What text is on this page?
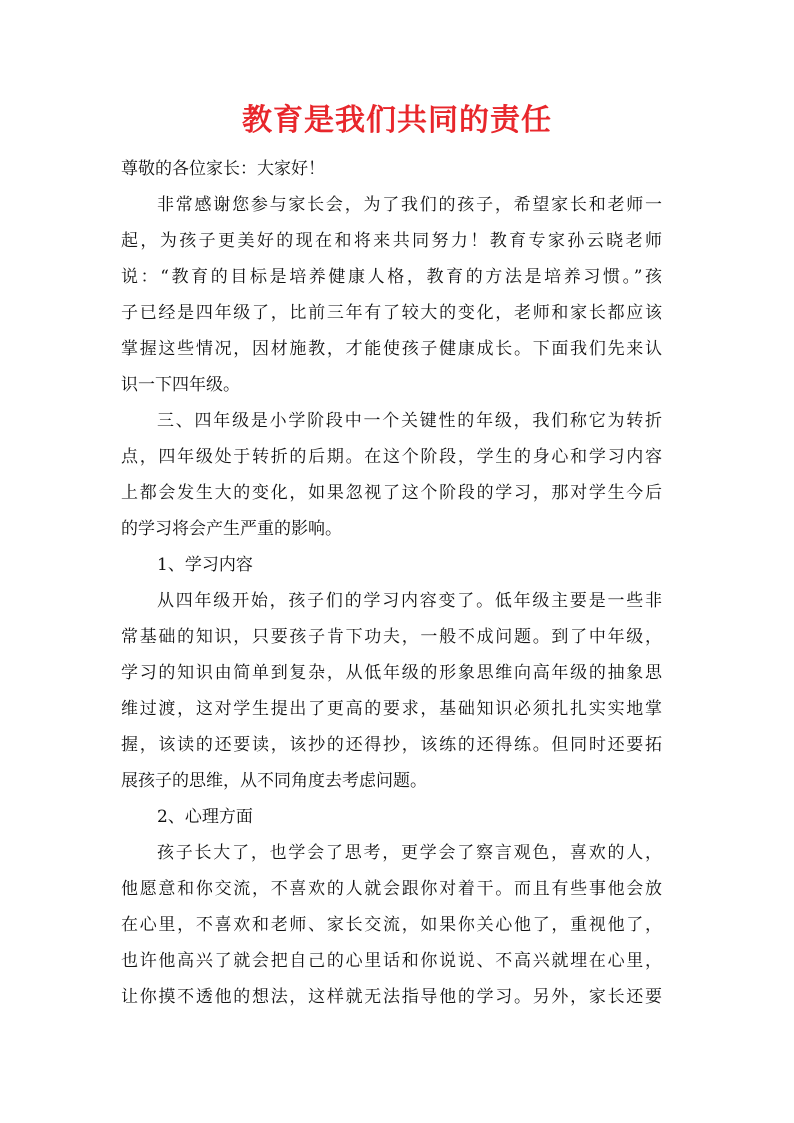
教育是我们共同的责任
尊敬的各位家长：大家好！
非常感谢您参与家长会，为了我们的孩子，希望家长和老师一
起，为孩子更美好的现在和将来共同努力！教育专家孙云晓老师
说：“教育的目标是培养健康人格，教育的方法是培养习惯。”孩
子已经是四年级了，比前三年有了较大的变化，老师和家长都应该
掌握这些情况，因材施教，才能使孩子健康成长。下面我们先来认
识一下四年级。
三、四年级是小学阶段中一个关键性的年级，我们称它为转折
点，四年级处于转折的后期。在这个阶段，学生的身心和学习内容
上都会发生大的变化，如果忽视了这个阶段的学习，那对学生今后
的学习将会产生严重的影响。
1、学习内容
从四年级开始，孩子们的学习内容变了。低年级主要是一些非
常基础的知识，只要孩子肯下功夫，一般不成问题。到了中年级，
学习的知识由简单到复杂，从低年级的形象思维向高年级的抽象思
维过渡，这对学生提出了更高的要求，基础知识必须扎扎实实地掌
握，该读的还要读，该抄的还得抄，该练的还得练。但同时还要拓
展孩子的思维，从不同角度去考虑问题。
2、心理方面
孩子长大了，也学会了思考，更学会了察言观色，喜欢的人，
他愿意和你交流，不喜欢的人就会跟你对着干。而且有些事他会放
在心里，不喜欢和老师、家长交流，如果你关心他了，重视他了，
也许他高兴了就会把自己的心里话和你说说、不高兴就埋在心里，
让你摸不透他的想法，这样就无法指导他的学习。另外，家长还要
